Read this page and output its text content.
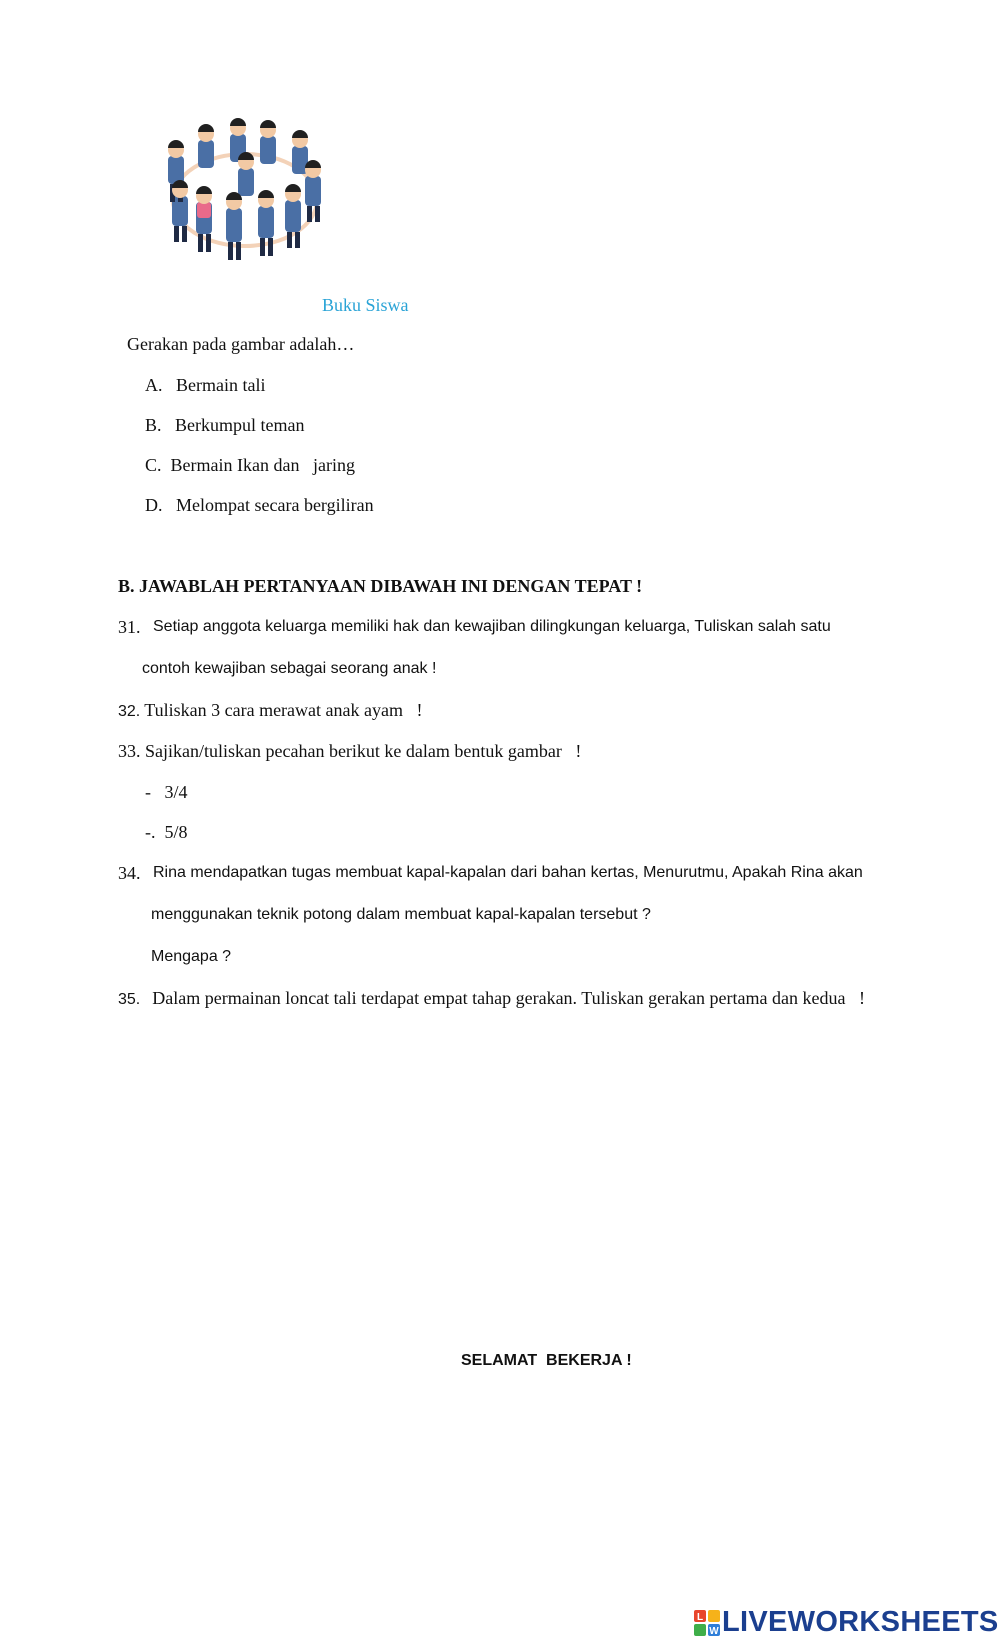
Buku Siswa
Gerakan pada gambar adalah…
A. Bermain tali
B. Berkumpul teman
C. Bermain Ikan dan   jaring
D. Melompat secara bergiliran
B. JAWABLAH PERTANYAAN DIBAWAH INI DENGAN TEPAT !
31. Setiap anggota keluarga memiliki hak dan kewajiban dilingkungan keluarga, Tuliskan salah satu
contoh kewajiban sebagai seorang anak !
32. Tuliskan 3 cara merawat anak ayam   !
33. Sajikan/tuliskan pecahan berikut ke dalam bentuk gambar   !
-   3/4
-.  5/8
34. Rina mendapatkan tugas membuat kapal-kapalan dari bahan kertas, Menurutmu, Apakah Rina akan
menggunakan teknik potong dalam membuat kapal-kapalan tersebut ?
Mengapa ?
35. Dalam permainan loncat tali terdapat empat tahap gerakan. Tuliskan gerakan pertama dan kedua   !
SELAMAT  BEKERJA !
L
W LIVEWORKSHEETS
